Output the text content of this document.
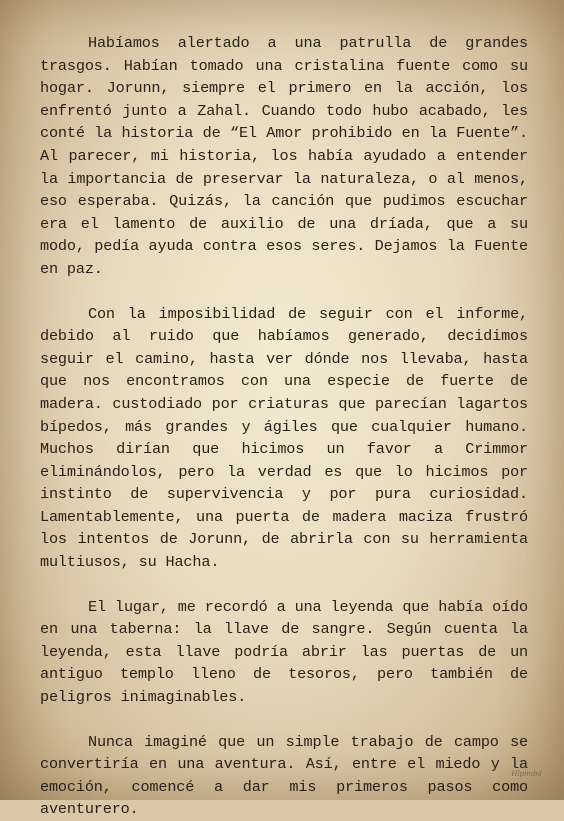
Habíamos alertado a una patrulla de grandes trasgos. Habían tomado una cristalina fuente como su hogar. Jorunn, siempre el primero en la acción, los enfrentó junto a Zahal. Cuando todo hubo acabado, les conté la historia de “El Amor prohibido en la Fuente”. Al parecer, mi historia, los había ayudado a entender la importancia de preservar la naturaleza, o al menos, eso esperaba. Quizás, la canción que pudimos escuchar era el lamento de auxilio de una dríada, que a su modo, pedía ayuda contra esos seres. Dejamos la Fuente en paz.

Con la imposibilidad de seguir con el informe, debido al ruido que habíamos generado, decidimos seguir el camino, hasta ver dónde nos llevaba, hasta que nos encontramos con una especie de fuerte de madera. custodiado por criaturas que parecían lagartos bípedos, más grandes y ágiles que cualquier humano. Muchos dirían que hicimos un favor a Crimmor eliminándolos, pero la verdad es que lo hicimos por instinto de supervivencia y por pura curiosidad. Lamentablemente, una puerta de madera maciza frustró los intentos de Jorunn, de abrirla con su herramienta multiusos, su Hacha.

El lugar, me recordó a una leyenda que había oído en una taberna: la llave de sangre. Según cuenta la leyenda, esta llave podría abrir las puertas de un antiguo templo lleno de tesoros, pero también de peligros inimaginables.

Nunca imaginé que un simple trabajo de campo se convertiría en una aventura. Así, entre el miedo y la emoción, comencé a dar mis primeros pasos como aventurero.

Hlpimbd
